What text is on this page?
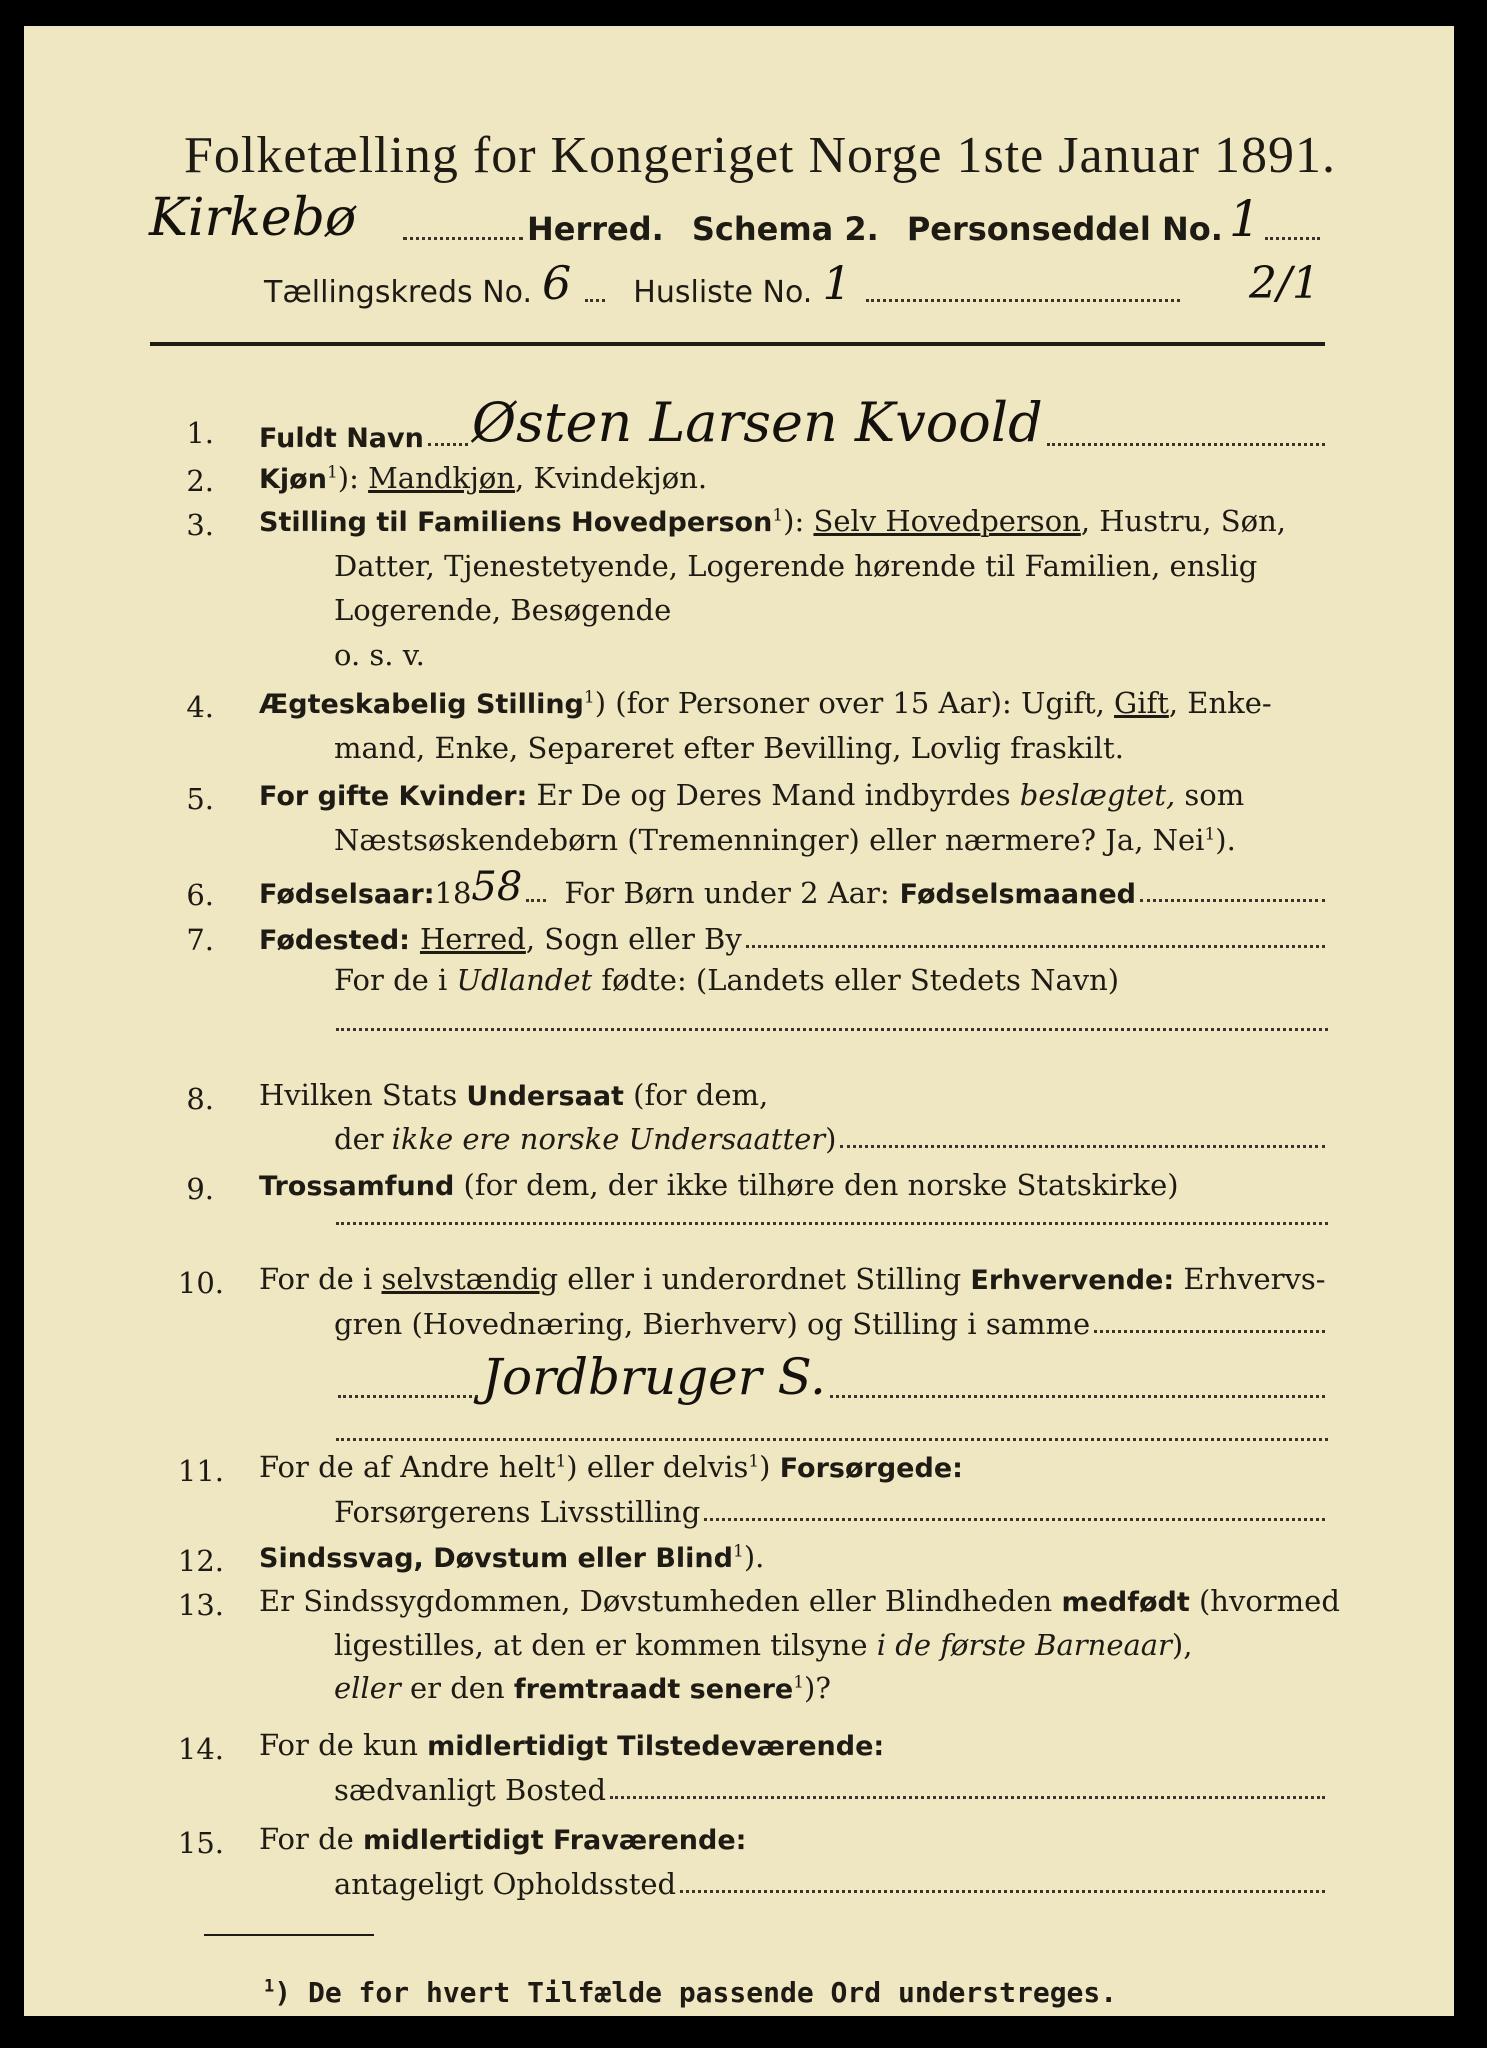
Folketælling for Kongeriget Norge 1ste Januar 1891.
Kirkebø	Herred. Schema 2. Personseddel No. 1
Tællingskreds No. 6 Husliste No. 1	2/1
1. Fuldt Navn Østen Larsen Kvoold
2. Kjøn$^1$): Mandkjøn, Kvindekjøn.
3. Stilling til Familiens Hovedperson$^1$): Selv Hovedperson, Hustru, Søn,
Datter, Tjenestetyende, Logerende hørende til Familien, enslig
Logerende, Besøgende
o. s. v.
4. Ægteskabelig Stilling$^1$) (for Personer over 15 Aar): Ugift, Gift, Enke-
mand, Enke, Separeret efter Bevilling, Lovlig fraskilt.
5. For gifte Kvinder: Er De og Deres Mand indbyrdes beslægtet, som
Næstsøskendebørn (Tremenninger) eller nærmere? Ja, Nei$^1$).
6. Fødselsaar: 18 58 For Børn under 2 Aar: Fødselsmaaned
7. Fødested: Herred , Sogn eller By
For de i Udlandet fødte: (Landets eller Stedets Navn)
8. Hvilken Stats Undersaat (for dem,
der ikke ere norske Undersaatter )
9. Trossamfund (for dem, der ikke tilhøre den norske Statskirke)
10. For de i selvstændig eller i underordnet Stilling Erhvervende: Erhvervs-
gren (Hovednæring, Bierhverv) og Stilling i samme
Jordbruger S.
11. For de af Andre helt$^1$) eller delvis$^1$) Forsørgede:
Forsørgerens Livsstilling
12. Sindssvag, Døvstum eller Blind$^1$).
13. Er Sindssygdommen, Døvstumheden eller Blindheden medfødt (hvormed
ligestilles, at den er kommen tilsyne i de første Barneaar),
eller er den fremtraadt senere$^1$)?
14. For de kun midlertidigt Tilstedeværende:
sædvanligt Bosted
15. For de midlertidigt Fraværende:
antageligt Opholdssted
$^1$) De for hvert Tilfælde passende Ord understreges.
